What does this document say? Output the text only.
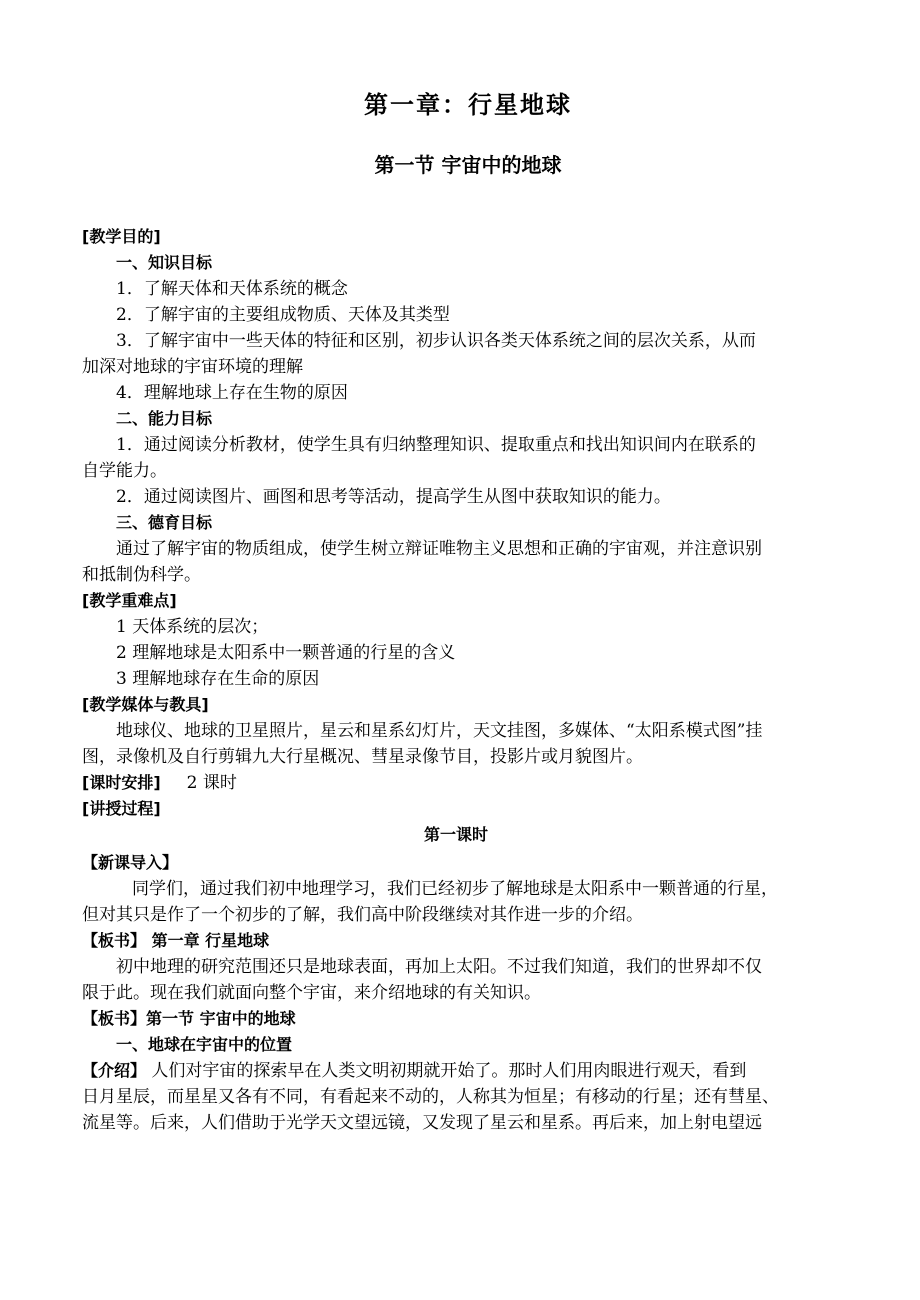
第一章：行星地球
第一节 宇宙中的地球

[教学目的]

一、知识目标

1．了解天体和天体系统的概念

2．了解宇宙的主要组成物质、天体及其类型

3．了解宇宙中一些天体的特征和区别，初步认识各类天体系统之间的层次关系，从而

加深对地球的宇宙环境的理解

4．理解地球上存在生物的原因

二、能力目标

1．通过阅读分析教材，使学生具有归纳整理知识、提取重点和找出知识间内在联系的

自学能力。

2．通过阅读图片、画图和思考等活动，提高学生从图中获取知识的能力。

三、德育目标

通过了解宇宙的物质组成，使学生树立辩证唯物主义思想和正确的宇宙观，并注意识别

和抵制伪科学。

[教学重难点]

1 天体系统的层次；

2 理解地球是太阳系中一颗普通的行星的含义

3 理解地球存在生命的原因

[教学媒体与教具]

地球仪、地球的卫星照片，星云和星系幻灯片，天文挂图，多媒体、“太阳系模式图”挂

图，录像机及自行剪辑九大行星概况、彗星录像节目，投影片或月貌图片。

[课时安排] 2 课时

[讲授过程]

第一课时

【新课导入】

同学们，通过我们初中地理学习，我们已经初步了解地球是太阳系中一颗普通的行星，

但对其只是作了一个初步的了解，我们高中阶段继续对其作进一步的介绍。

【板书】 第一章 行星地球

初中地理的研究范围还只是地球表面，再加上太阳。不过我们知道，我们的世界却不仅

限于此。现在我们就面向整个宇宙，来介绍地球的有关知识。

【板书】第一节 宇宙中的地球

一、地球在宇宙中的位置

【介绍】 人们对宇宙的探索早在人类文明初期就开始了。那时人们用肉眼进行观天，看到

日月星辰，而星星又各有不同，有看起来不动的，人称其为恒星；有移动的行星；还有彗星、

流星等。后来，人们借助于光学天文望远镜，又发现了星云和星系。再后来，加上射电望远
